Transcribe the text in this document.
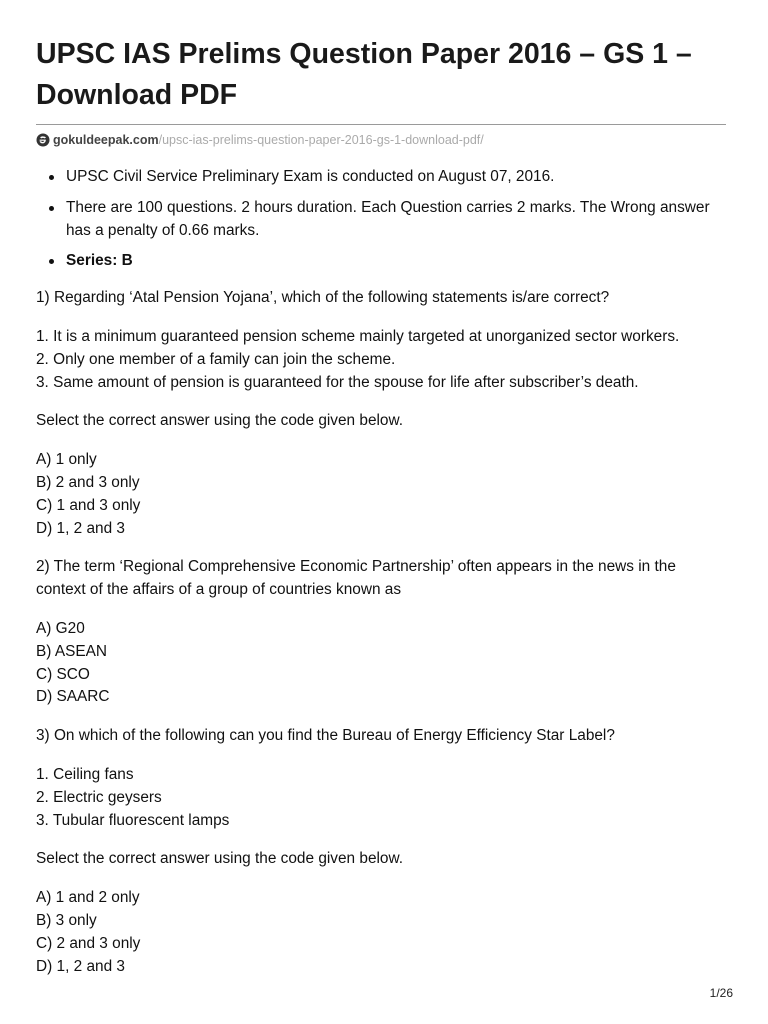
UPSC IAS Prelims Question Paper 2016 – GS 1 –
Download PDF
gokuldeepak.com /upsc-ias-prelims-question-paper-2016-gs-1-download-pdf/
UPSC Civil Service Preliminary Exam is conducted on August 07, 2016.
There are 100 questions. 2 hours duration. Each Question carries 2 marks. The Wrong answer has a penalty of 0.66 marks.
Series: B

1) Regarding ‘Atal Pension Yojana’, which of the following statements is/are correct?

1. It is a minimum guaranteed pension scheme mainly targeted at unorganized sector workers.
2. Only one member of a family can join the scheme.
3. Same amount of pension is guaranteed for the spouse for life after subscriber’s death.

Select the correct answer using the code given below.

A) 1 only
B) 2 and 3 only
C) 1 and 3 only
D) 1, 2 and 3

2) The term ‘Regional Comprehensive Economic Partnership’ often appears in the news in the context of the affairs of a group of countries known as

A) G20
B) ASEAN
C) SCO
D) SAARC

3) On which of the following can you find the Bureau of Energy Efficiency Star Label?

1. Ceiling fans
2. Electric geysers
3. Tubular fluorescent lamps

Select the correct answer using the code given below.

A) 1 and 2 only
B) 3 only
C) 2 and 3 only
D) 1, 2 and 3
1/26
